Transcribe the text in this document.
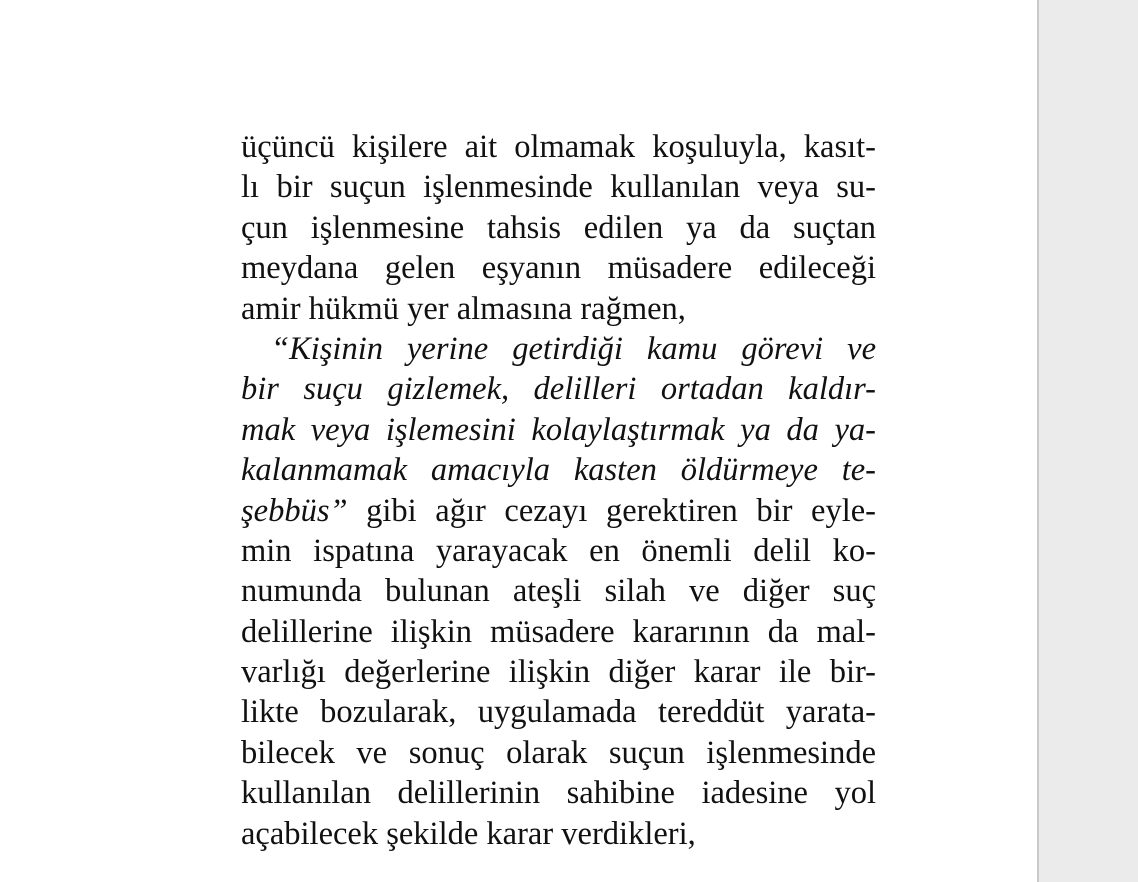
üçüncü kişilere ait olmamak koşuluyla, kasıt-
lı bir suçun işlenmesinde kullanılan veya su-
çun işlenmesine tahsis edilen ya da suçtan
meydana gelen eşyanın müsadere edileceği
amir hükmü yer almasına rağmen,
“Kişinin yerine getirdiği kamu görevi ve
bir suçu gizlemek, delilleri ortadan kaldır-
mak veya işlemesini kolaylaştırmak ya da ya-
kalanmamak amacıyla kasten öldürmeye te-
şebbüs” gibi ağır cezayı gerektiren bir eyle-
min ispatına yarayacak en önemli delil ko-
numunda bulunan ateşli silah ve diğer suç
delillerine ilişkin müsadere kararının da mal-
varlığı değerlerine ilişkin diğer karar ile bir-
likte bozularak, uygulamada tereddüt yarata-
bilecek ve sonuç olarak suçun işlenmesinde
kullanılan delillerinin sahibine iadesine yol
açabilecek şekilde karar verdikleri,
